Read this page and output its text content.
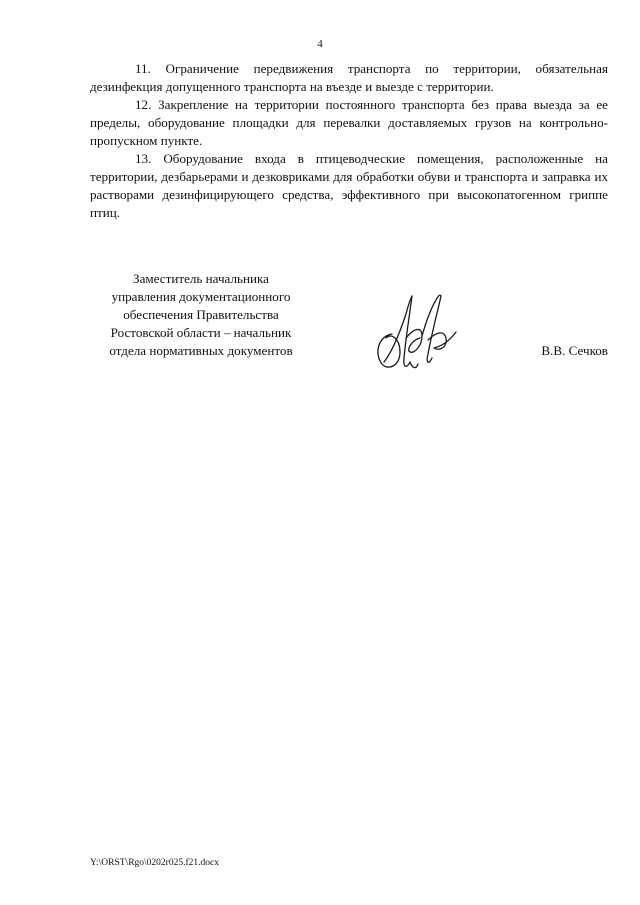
4

11. Ограничение передвижения транспорта по территории, обязательная дезинфекция допущенного транспорта на въезде и выезде с территории.

12. Закрепление на территории постоянного транспорта без права выезда за ее пределы, оборудование площадки для перевалки доставляемых грузов на контрольно-пропускном пункте.

13. Оборудование входа в птицеводческие помещения, расположенные на территории, дезбарьерами и дезковриками для обработки обуви и транспорта и заправка их растворами дезинфицирующего средства, эффективного при высокопатогенном гриппе птиц.

Заместитель начальника
управления документационного
обеспечения Правительства
Ростовской области – начальник
отдела нормативных документов	В.В. Сечков
Y:\ORST\Rgo\0202r025.f21.docx
